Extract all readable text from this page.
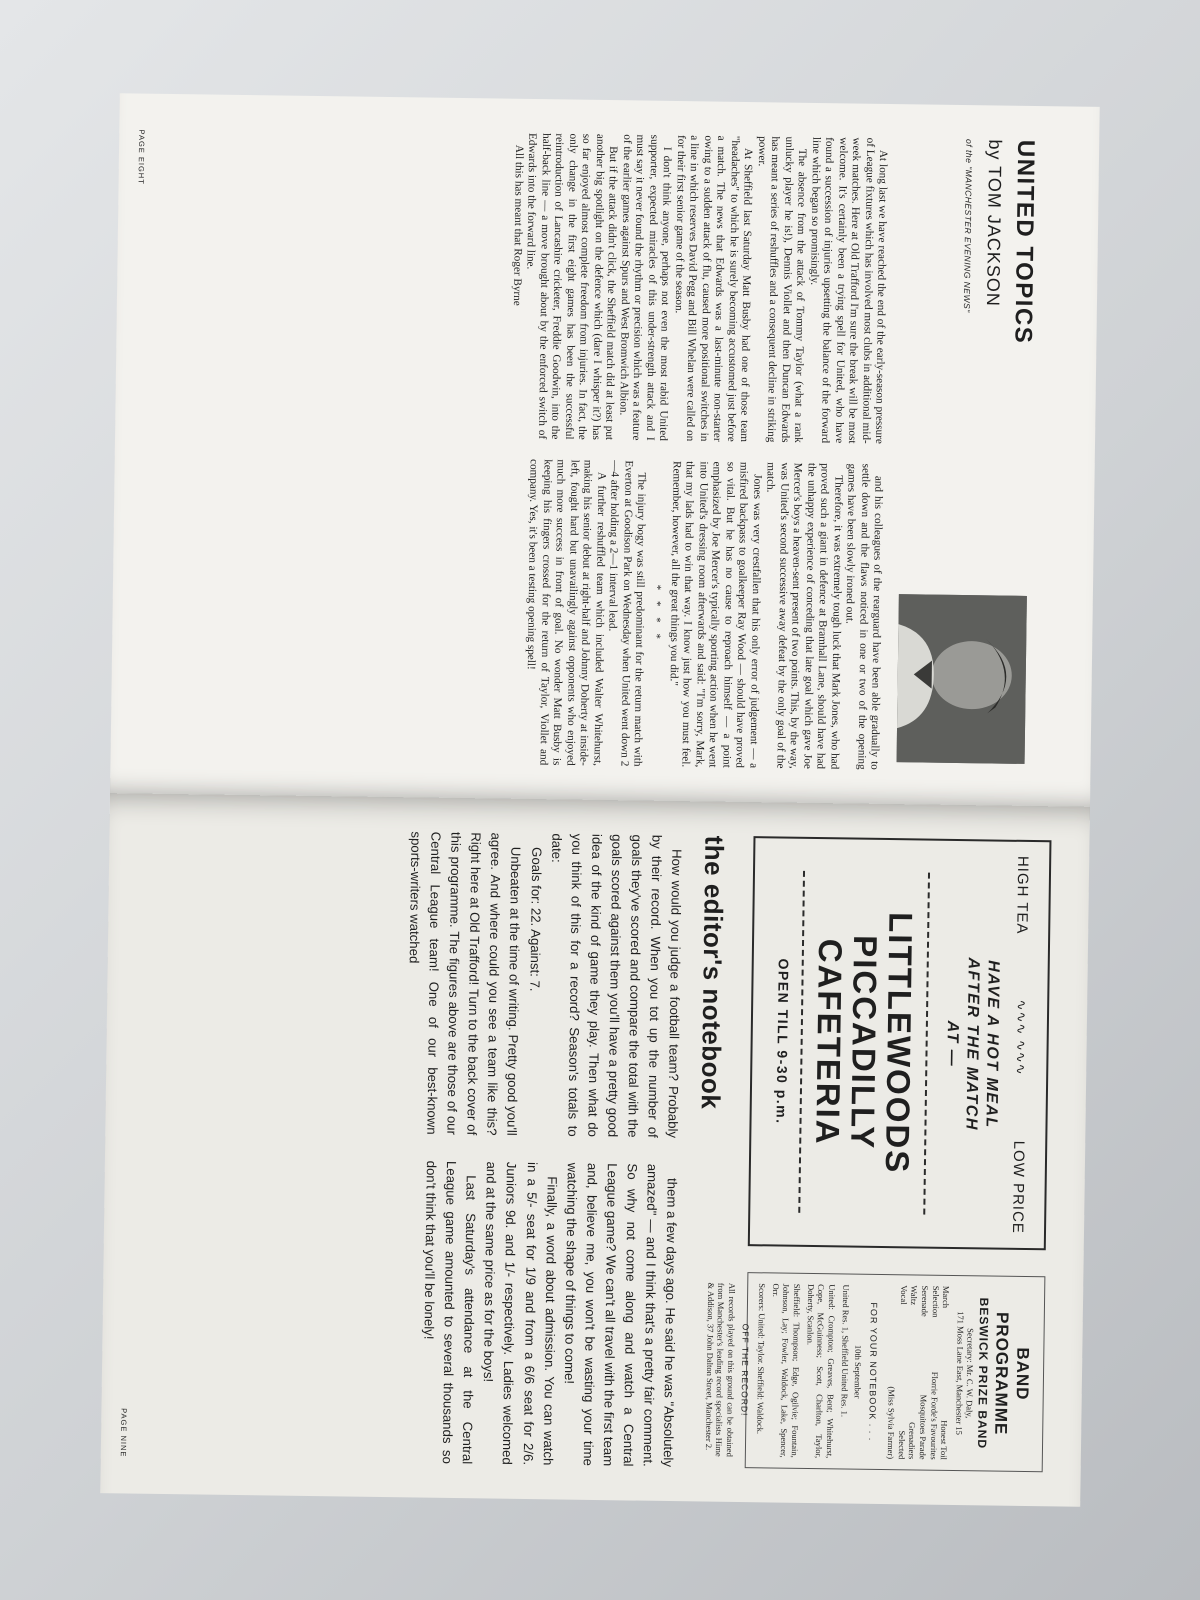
UNITED TOPICS
by TOM JACKSON
of the "MANCHESTER EVENING NEWS"

At long last we have reached the end of the early-season pressure of League fixtures which has involved most clubs in additional mid-week matches. Here at Old Trafford I'm sure the break will be most welcome. It's certainly been a trying spell for United, who have found a succession of injuries upsetting the balance of the forward line which began so promisingly.

The absence from the attack of Tommy Taylor (what a rank unlucky player he is!), Dennis Viollet and then Duncan Edwards has meant a series of reshuffles and a consequent decline in striking power.

At Sheffield last Saturday Matt Busby had one of those team "headaches" to which he is surely becoming accustomed just before a match. The news that Edwards was a last-minute non-starter owing to a sudden attack of flu, caused more positional switches in a line in which reserves David Pegg and Bill Whelan were called on for their first senior game of the season.

I don't think anyone, perhaps not even the most rabid United supporter, expected miracles of this under-strength attack and I must say it never found the rhythm or precision which was a feature of the earlier games against Spurs and West Bromwich Albion.

But if the attack didn't click, the Sheffield match did at least put another big spotlight on the defence which (dare I whisper it?) has so far enjoyed almost complete freedom from injuries. In fact, the only change in the first eight games has been the successful reintroduction of Lancashire cricketer, Freddie Goodwin, into the half-back line — a move brought about by the enforced switch of Edwards into the forward line.

All this has meant that Roger Byrne

and his colleagues of the rearguard have been able gradually to settle down and the flaws noticed in one or two of the opening games have been slowly ironed out.

Therefore, it was extremely tough luck that Mark Jones, who had proved such a giant in defence at Bramhall Lane, should have had the unhappy experience of conceding that late goal which gave Joe Mercer's boys a heaven-sent present of two points. This, by the way, was United's second successive away defeat by the only goal of the match.

Jones was very crestfallen that his only error of judgement — a misfired backpass to goalkeeper Ray Wood — should have proved so vital. But he has no cause to reproach himself — a point emphasized by Joe Mercer's typically sporting action when he went into United's dressing room afterwards and said: "I'm sorry, Mark, that my lads had to win that way. I know just how you must feel. Remember, however, all the great things you did."

* * * *

The injury bogy was still predominant for the return match with Everton at Goodison Park on Wednesday when United went down 2—4 after holding a 2—1 interval lead.

A further reshuffled team which included Walter Whitehurst, making his senior debut at right-half and Johnny Doherty at inside-left, fought hard but unavailingly against opponents who enjoyed much more success in front of goal. No wonder Matt Busby is keeping his fingers crossed for the return of Taylor, Viollet and company. Yes, it's been a testing opening spell!

PAGE EIGHT
HIGH TEA
∿∿∿ ∿∿∿
LOW PRICE
HAVE A HOT MEAL
AFTER THE MATCH
AT —
LITTLEWOODS
PICCADILLY
CAFETERIA
OPEN TILL 9-30 p.m.
BAND PROGRAMME
BESWICK PRIZE BAND
Secretary: Mr. C. W. Daly,
171 Moss Lane East, Manchester 15
March
Honest Toil
Selection
Florrie Forde's Favourites
Serenade
Mosquitoes Parade
Waltz
Grenadiers
Vocal
Selected
(Miss Sylvia Farmer)
FOR YOUR NOTEBOOK . . .
10th September
United Res. 1, Sheffield United Res. 1.
United: Crompton; Greaves, Bent; Whitehurst, Cope, McGuinness; Scott, Charlton, Taylor, Doherty, Scanlon.
Sheffield: Thompson; Edge, Ogilvie; Fountain, Johnson, Lay; Fowler, Waldock, Lake, Spencer, Orr.
Scorers: United: Taylor. Sheffield: Waldock.
OFF THE RECORD!
All records played on this ground can be obtained from Manchester's leading record specialists Hime & Addison, 37 John Dalton Street, Manchester 2.
the editor's notebook

How would you judge a football team? Probably by their record. When you tot up the number of goals they've scored and compare the total with the goals scored against them you'll have a pretty good idea of the kind of game they play. Then what do you think of this for a record? Season's totals to date:

Goals for: 22. Against: 7.

Unbeaten at the time of writing. Pretty good you'll agree. And where could you see a team like this? Right here at Old Trafford! Turn to the back cover of this programme. The figures above are those of our Central League team! One of our best-known sports-writers watched

them a few days ago. He said he was "Absolutely amazed" — and I think that's a pretty fair comment. So why not come along and watch a Central League game? We can't all travel with the first team and, believe me, you won't be wasting your time watching the shape of things to come!

Finally, a word about admission. You can watch in a 5/- seat for 1/9 and from a 6/6 seat for 2/6. Juniors 9d. and 1/- respectively. Ladies welcomed and at the same price as for the boys!

Last Saturday's attendance at the Central League game amounted to several thousands so don't think that you'll be lonely!

PAGE NINE
